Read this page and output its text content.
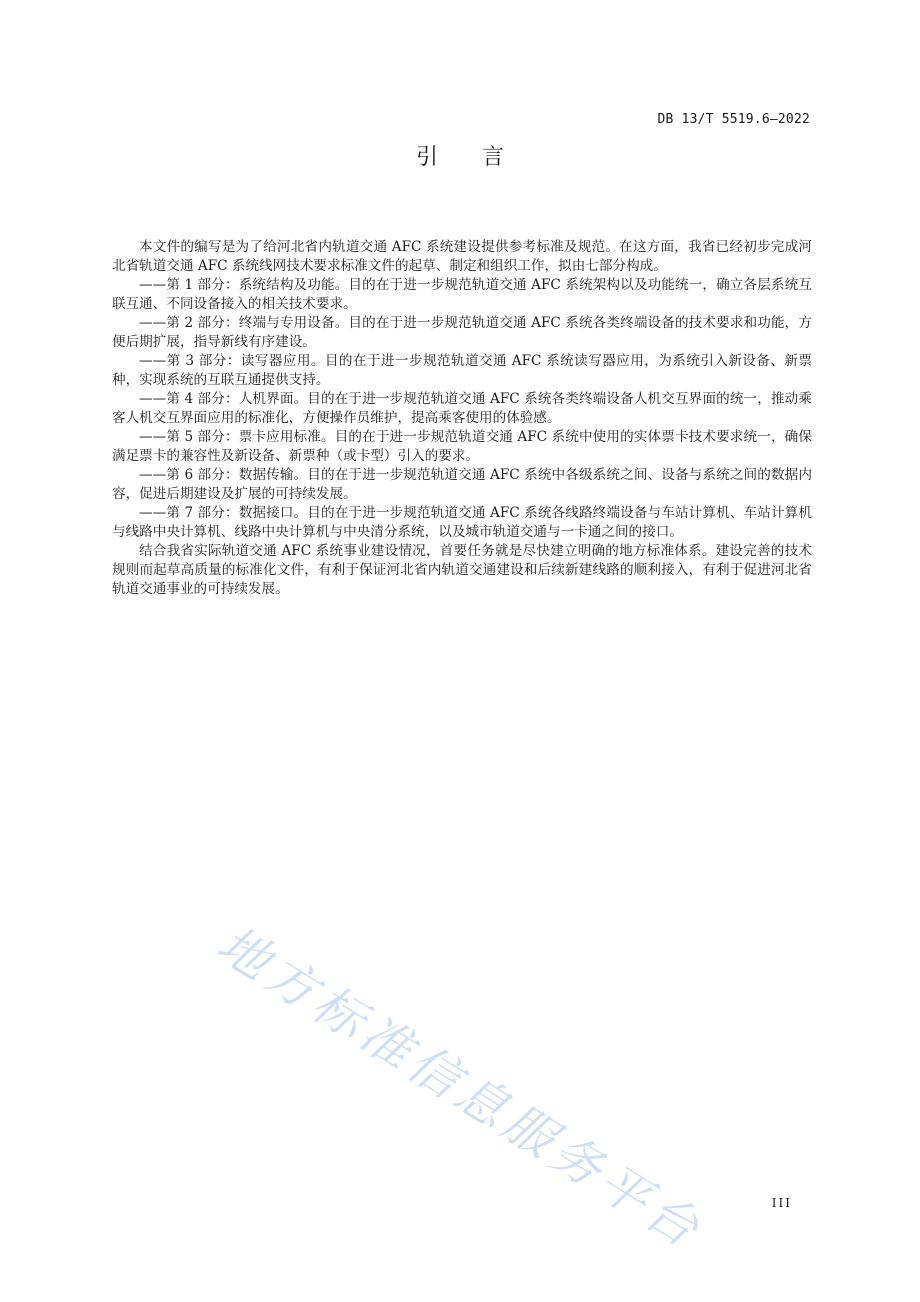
DB 13/T 5519.6—2022
引言

本文件的编写是为了给河北省内轨道交通 AFC 系统建设提供参考标准及规范。在这方面，我省已经初步完成河北省轨道交通 AFC 系统线网技术要求标准文件的起草、制定和组织工作，拟由七部分构成。

——第 1 部分：系统结构及功能。目的在于进一步规范轨道交通 AFC 系统架构以及功能统一，确立各层系统互联互通、不同设备接入的相关技术要求。

——第 2 部分：终端与专用设备。目的在于进一步规范轨道交通 AFC 系统各类终端设备的技术要求和功能，方便后期扩展，指导新线有序建设。

——第 3 部分：读写器应用。目的在于进一步规范轨道交通 AFC 系统读写器应用，为系统引入新设备、新票种，实现系统的互联互通提供支持。

——第 4 部分：人机界面。目的在于进一步规范轨道交通 AFC 系统各类终端设备人机交互界面的统一，推动乘客人机交互界面应用的标准化，方便操作员维护，提高乘客使用的体验感。

——第 5 部分：票卡应用标准。目的在于进一步规范轨道交通 AFC 系统中使用的实体票卡技术要求统一，确保满足票卡的兼容性及新设备、新票种（或卡型）引入的要求。

——第 6 部分：数据传输。目的在于进一步规范轨道交通 AFC 系统中各级系统之间、设备与系统之间的数据内容，促进后期建设及扩展的可持续发展。

——第 7 部分：数据接口。目的在于进一步规范轨道交通 AFC 系统各线路终端设备与车站计算机、车站计算机与线路中央计算机、线路中央计算机与中央清分系统，以及城市轨道交通与一卡通之间的接口。

结合我省实际轨道交通 AFC 系统事业建设情况，首要任务就是尽快建立明确的地方标准体系。建设完善的技术规则而起草高质量的标准化文件，有利于保证河北省内轨道交通建设和后续新建线路的顺利接入，有利于促进河北省轨道交通事业的可持续发展。

地方标准信息服务平台	III
